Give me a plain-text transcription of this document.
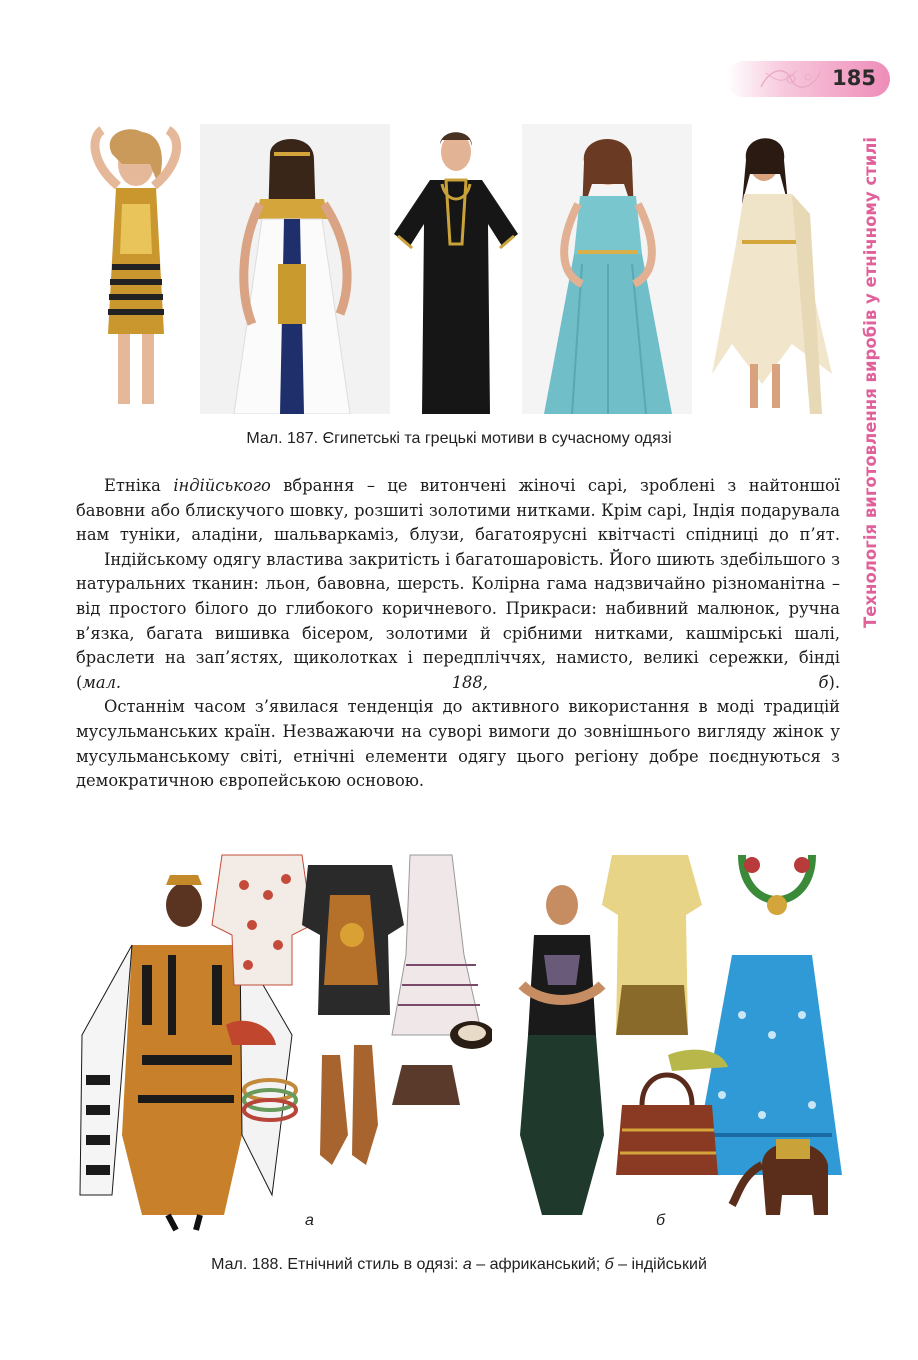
185
Технологія виготовлення виробів у етнічному стилі
Мал. 187. Єгипетські та грецькі мотиви в сучасному одязі

Етніка індійського вбрання – це витончені жіночі сарі, зроблені з найтоншої бавовни або блискучого шовку, розшиті золотими нитками. Крім сарі, Індія подарувала нам туніки, аладіни, шальваркаміз, блузи, багатоярусні квітчасті спідниці до п’ят.

Індійському одягу властива закритість і багатошаровість. Його шиють здебільшого з натуральних тканин: льон, бавовна, шерсть. Колірна гама надзвичайно різноманітна – від простого білого до глибокого коричневого. Прикраси: набивний малюнок, ручна в’язка, багата вишивка бісером, золотими й срібними нитками, кашмірські шалі, браслети на зап’ястях, щиколотках і передпліччях, намисто, великі сережки, бінді (мал. 188, б).

Останнім часом з’явилася тенденція до активного використання в моді традицій мусульманських країн. Незважаючи на суворі вимоги до зовнішнього вигляду жінок у мусульманському світі, етнічні елементи одягу цього регіону добре поєднуються з демократичною європейською основою.

а	б
Мал. 188. Етнічний стиль в одязі: а – африканський; б – індійський
